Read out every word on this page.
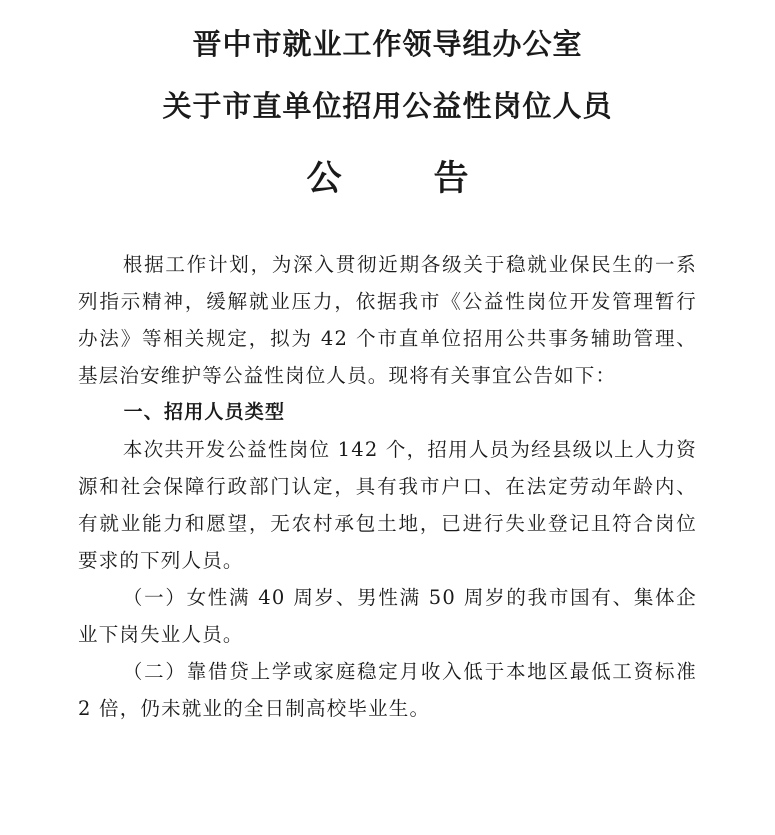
晋中市就业工作领导组办公室
关于市直单位招用公益性岗位人员
公	告

根据工作计划，为深入贯彻近期各级关于稳就业保民生的一系列指示精神，缓解就业压力，依据我市《公益性岗位开发管理暂行办法》等相关规定，拟为 42 个市直单位招用公共事务辅助管理、基层治安维护等公益性岗位人员。现将有关事宜公告如下：

一、招用人员类型

本次共开发公益性岗位 142 个，招用人员为经县级以上人力资源和社会保障行政部门认定，具有我市户口、在法定劳动年龄内、有就业能力和愿望，无农村承包土地，已进行失业登记且符合岗位要求的下列人员。

（一）女性满 40 周岁、男性满 50 周岁的我市国有、集体企业下岗失业人员。

（二）靠借贷上学或家庭稳定月收入低于本地区最低工资标准 2 倍，仍未就业的全日制高校毕业生。
